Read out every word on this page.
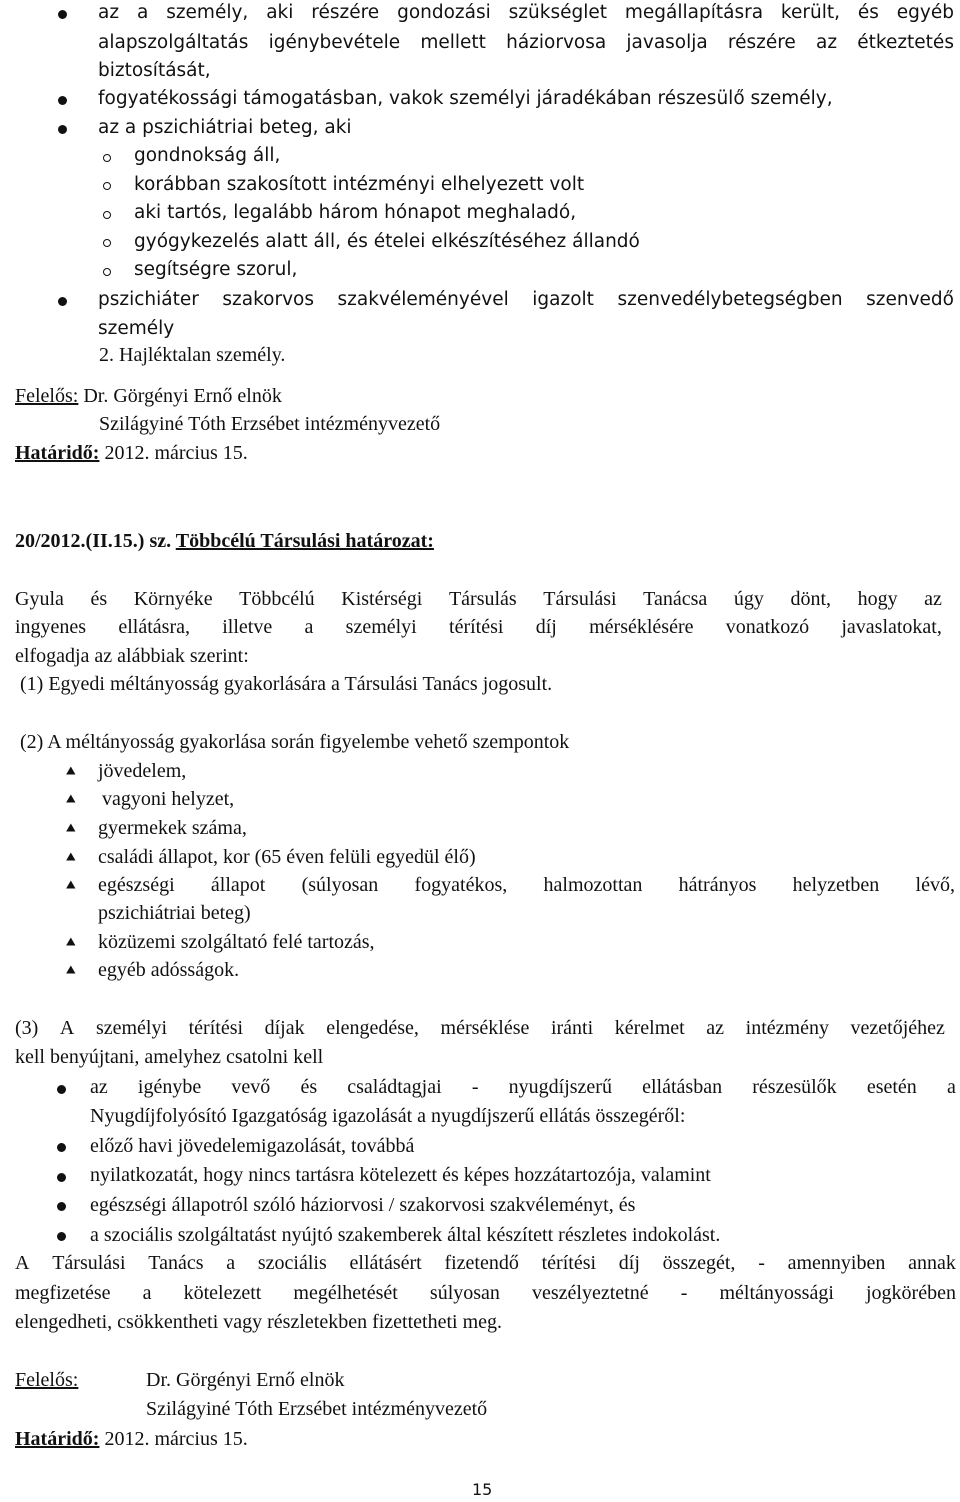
az a személy, aki részére gondozási szükséglet megállapításra került, és egyéb
alapszolgáltatás igénybevétele mellett háziorvosa javasolja részére az étkeztetés
biztosítását,
fogyatékossági támogatásban, vakok személyi járadékában részesülő személy,
az a pszichiátriai beteg, aki
gondnokság áll,
korábban szakosított intézményi elhelyezett volt
aki tartós, legalább három hónapot meghaladó,
gyógykezelés alatt áll, és ételei elkészítéséhez állandó
segítségre szorul,
pszichiáter szakorvos szakvéleményével igazolt szenvedélybetegségben szenvedő
személy
2. Hajléktalan személy.
Felelős: Dr. Görgényi Ernő elnök
Szilágyiné Tóth Erzsébet intézményvezető
Határidő: 2012. március 15.
20/2012.(II.15.) sz. Többcélú Társulási határozat:
Gyula és Környéke Többcélú Kistérségi Társulás Társulási Tanácsa úgy dönt, hogy az
ingyenes ellátásra, illetve a személyi térítési díj mérséklésére vonatkozó javaslatokat,
elfogadja az alábbiak szerint:
(1) Egyedi méltányosság gyakorlására a Társulási Tanács jogosult.
(2) A méltányosság gyakorlása során figyelembe vehető szempontok
⯅ jövedelem,
⯅ vagyoni helyzet,
⯅ gyermekek száma,
⯅ családi állapot, kor (65 éven felüli egyedül élő)
⯅ egészségi állapot (súlyosan fogyatékos, halmozottan hátrányos helyzetben lévő,
pszichiátriai beteg)
⯅ közüzemi szolgáltató felé tartozás,
⯅ egyéb adósságok.
(3) A személyi térítési díjak elengedése, mérséklése iránti kérelmet az intézmény vezetőjéhez
kell benyújtani, amelyhez csatolni kell
az igénybe vevő és családtagjai - nyugdíjszerű ellátásban részesülők esetén a
Nyugdíjfolyósító Igazgatóság igazolását a nyugdíjszerű ellátás összegéről:
előző havi jövedelemigazolását, továbbá
nyilatkozatát, hogy nincs tartásra kötelezett és képes hozzátartozója, valamint
egészségi állapotról szóló háziorvosi / szakorvosi szakvéleményt, és
a szociális szolgáltatást nyújtó szakemberek által készített részletes indokolást.
A Társulási Tanács a szociális ellátásért fizetendő térítési díj összegét, - amennyiben annak
megfizetése a kötelezett megélhetését súlyosan veszélyeztetné - méltányossági jogkörében
elengedheti, csökkentheti vagy részletekben fizettetheti meg.
Felelős:	Dr. Görgényi Ernő elnök
Szilágyiné Tóth Erzsébet intézményvezető
Határidő: 2012. március 15.
15
